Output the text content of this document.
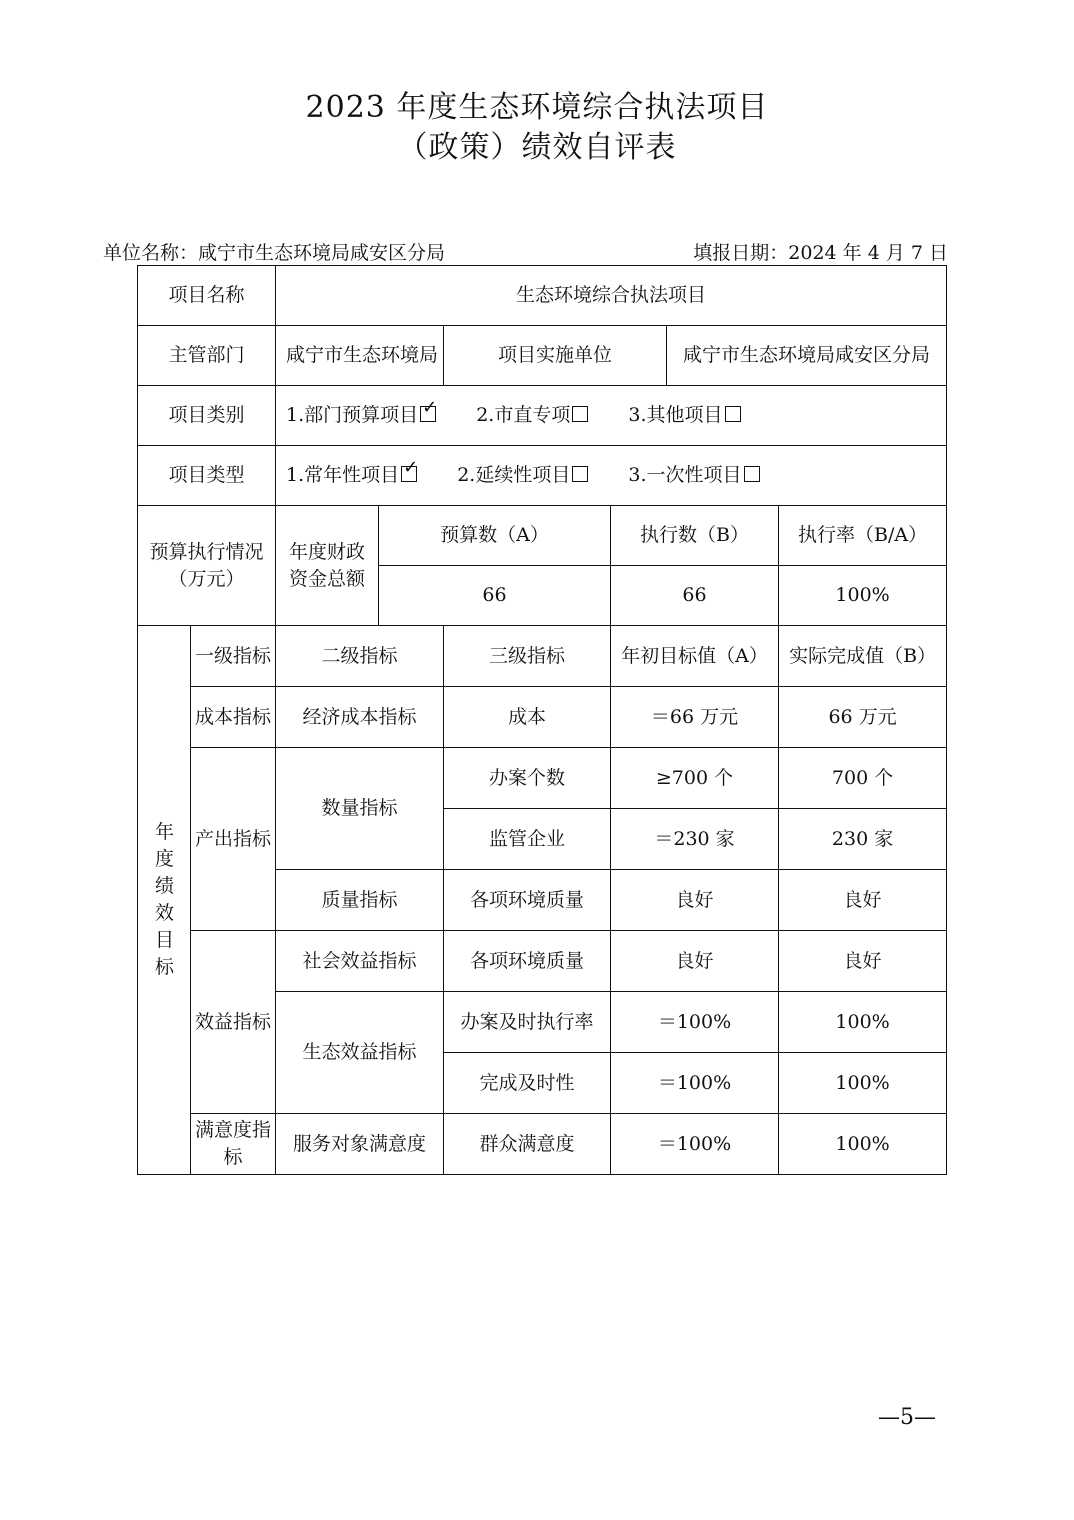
2023 年度生态环境综合执法项目
（政策）绩效自评表
单位名称：咸宁市生态环境局咸安区分局	填报日期：2024 年 4 月 7 日
项目名称		生态环境综合执法项目					
主管部门		咸宁市生态环境局		项目实施单位		咸宁市生态环境局咸安区分局	
项目类别		1.部门预算项目 ✓ 2.市直专项 3.其他项目
项目类型		1.常年性项目 ✓ 2.延续性项目 3.一次性项目
预算执行情况（万元）		年度财政资金总额	预算数（A）		执行数（B）		执行率（B/A）
			66		66		100%

年度绩效目标	一级指标	二级指标		三级指标	年初目标值（A）		实际完成值（B）
	成本指标	经济成本指标		成本	＝66 万元		66 万元
	产出指标	数量指标		办案个数	≥700 个		700 个
				监管企业	＝230 家		230 家
		质量指标		各项环境质量	良好		良好
	效益指标	社会效益指标		各项环境质量	良好		良好
		生态效益指标		办案及时执行率	＝100%		100%
				完成及时性	＝100%		100%
	满意度指标	服务对象满意度		群众满意度	＝100%		100%
—5—
